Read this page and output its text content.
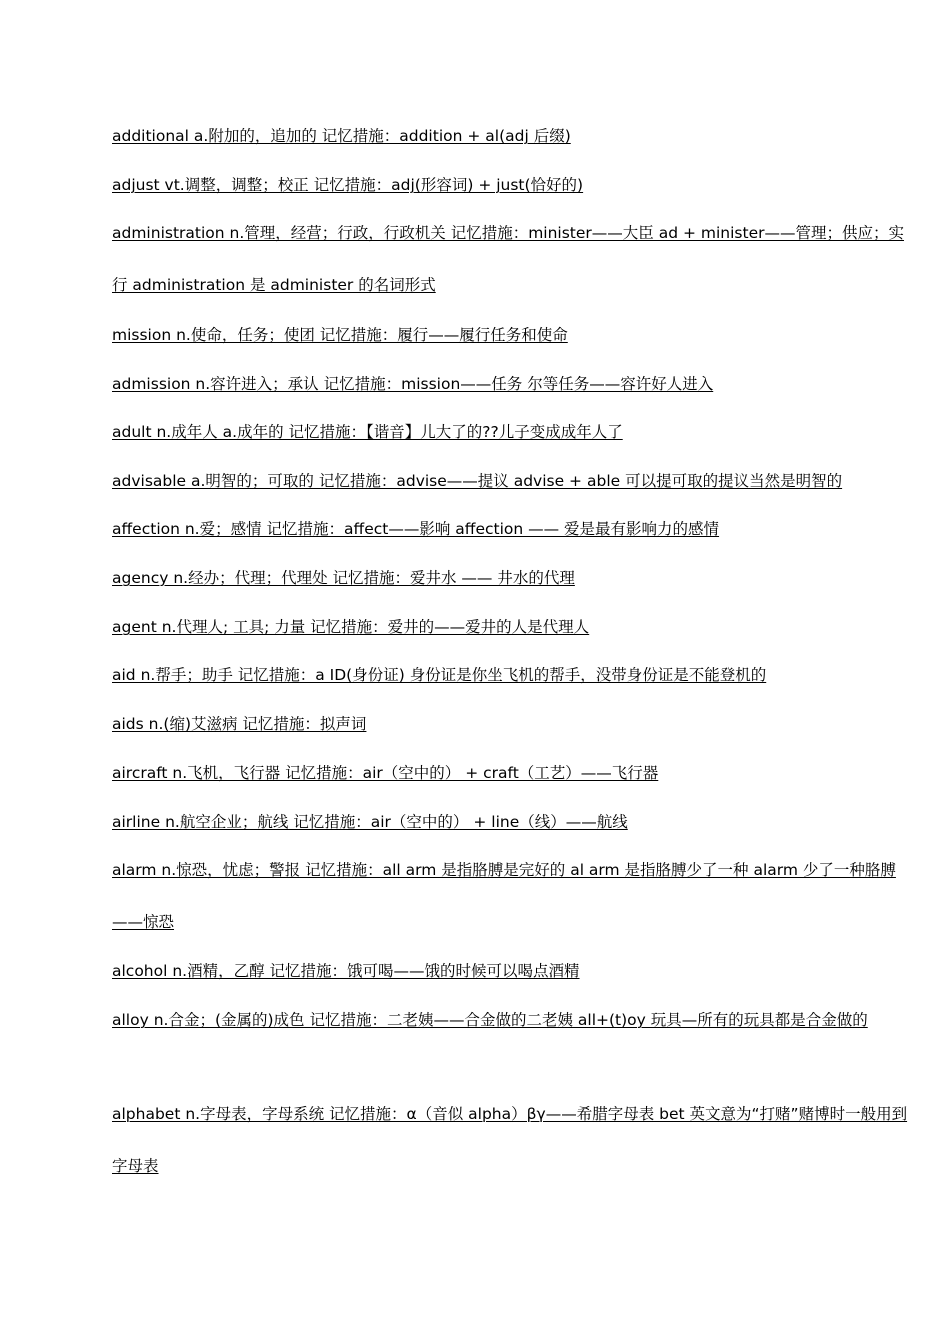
additional a.附加的，追加的 记忆措施：addition + al(adj 后缀)
adjust vt.调整，调整；校正 记忆措施：adj(形容词) + just(恰好的)
administration n.管理，经营；行政，行政机关 记忆措施：minister——大臣 ad + minister——管理；供应；实行 administration 是 administer 的名词形式
mission n.使命，任务；使团 记忆措施：履行——履行任务和使命
admission n.容许进入；承认 记忆措施：mission——任务 尔等任务——容许好人进入
adult n.成年人 a.成年的 记忆措施：【谐音】儿大了的??儿子变成成年人了
advisable a.明智的；可取的 记忆措施：advise——提议 advise + able 可以提可取的提议当然是明智的
affection n.爱；感情 记忆措施：affect——影响 affection —— 爱是最有影响力的感情
agency n.经办；代理；代理处 记忆措施：爱井水 —— 井水的代理
agent n.代理人; 工具; 力量 记忆措施：爱井的——爱井的人是代理人
aid n.帮手；助手 记忆措施：a ID(身份证) 身份证是你坐飞机的帮手，没带身份证是不能登机的
aids n.(缩)艾滋病 记忆措施：拟声词
aircraft n.飞机，飞行器 记忆措施：air（空中的） + craft（工艺）——飞行器
airline n.航空企业；航线 记忆措施：air（空中的） + line（线）——航线
alarm n.惊恐，忧虑；警报 记忆措施：all arm 是指胳膊是完好的 al arm 是指胳膊少了一种 alarm 少了一种胳膊——惊恐
alcohol n.酒精，乙醇 记忆措施：饿可喝——饿的时候可以喝点酒精
alloy n.合金；(金属的)成色 记忆措施：二老姨——合金做的二老姨 all+(t)oy 玩具—所有的玩具都是合金做的
alphabet n.字母表，字母系统 记忆措施：α（音似 alpha）βγ——希腊字母表 bet 英文意为“打赌”赌博时一般用到字母表
